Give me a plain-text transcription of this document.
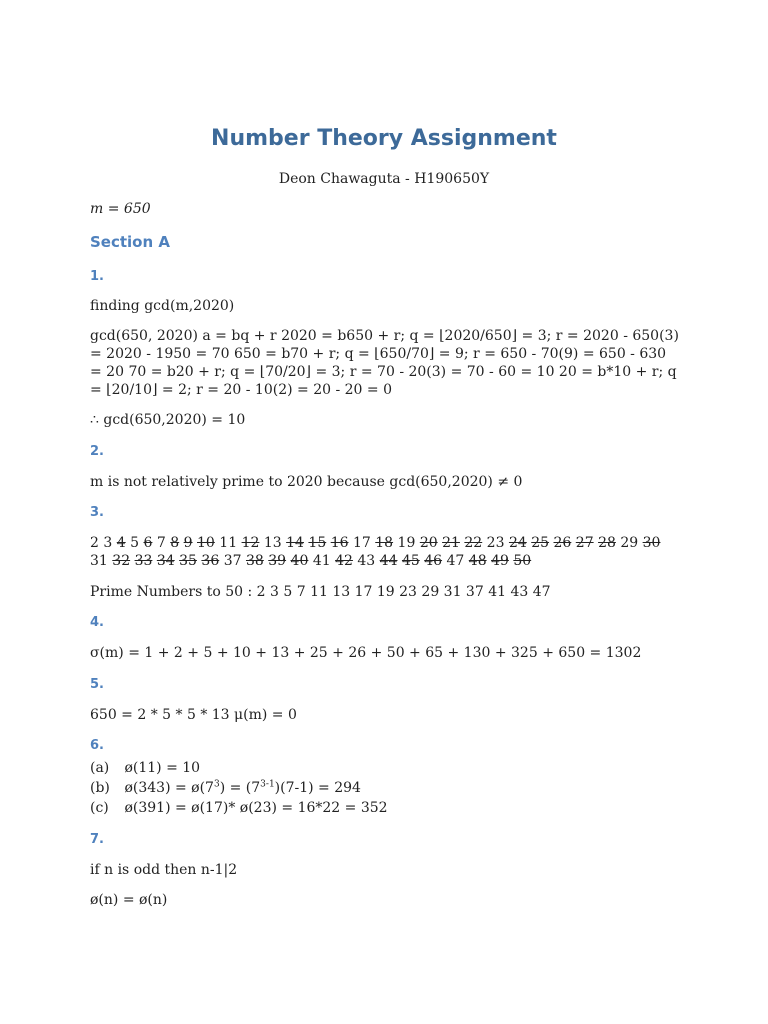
Number Theory Assignment
Deon Chawaguta - H190650Y
m = 650
Section A
1.
finding gcd(m,2020)
gcd(650, 2020) a = bq + r 2020 = b650 + r; q = ⌊2020/650⌋ = 3; r = 2020 - 650(3) = 2020 - 1950 = 70 650 = b70 + r; q = ⌊650/70⌋ = 9; r = 650 - 70(9) = 650 - 630 = 20 70 = b20 + r; q = ⌊70/20⌋ = 3; r = 70 - 20(3) = 70 - 60 = 10 20 = b*10 + r; q = ⌊20/10⌋ = 2; r = 20 - 10(2) = 20 - 20 = 0
∴ gcd(650,2020) = 10
2.
m is not relatively prime to 2020 because gcd(650,2020) ≠ 0
3.
2 3 4 5 6 7 8 9 10 11 12 13 14 15 16 17 18 19 20 21 22 23 24 25 26 27 28 29 30 31 32 33 34 35 36 37 38 39 40 41 42 43 44 45 46 47 48 49 50
Prime Numbers to 50 : 2 3 5 7 11 13 17 19 23 29 31 37 41 43 47
4.
σ(m) = 1 + 2 + 5 + 10 + 13 + 25 + 26 + 50 + 65 + 130 + 325 + 650 = 1302
5.
650 = 2 * 5 * 5 * 13 μ(m) = 0
6.
(a) ø(11) = 10
(b) ø(343) = $ø(7^3) = (7^{3-1})(7-1) = 294$
(c) ø(391) = ø(17)* ø(23) = 16*22 = 352
7.
if n is odd then n-1|2
ø(n) = ø(n)
